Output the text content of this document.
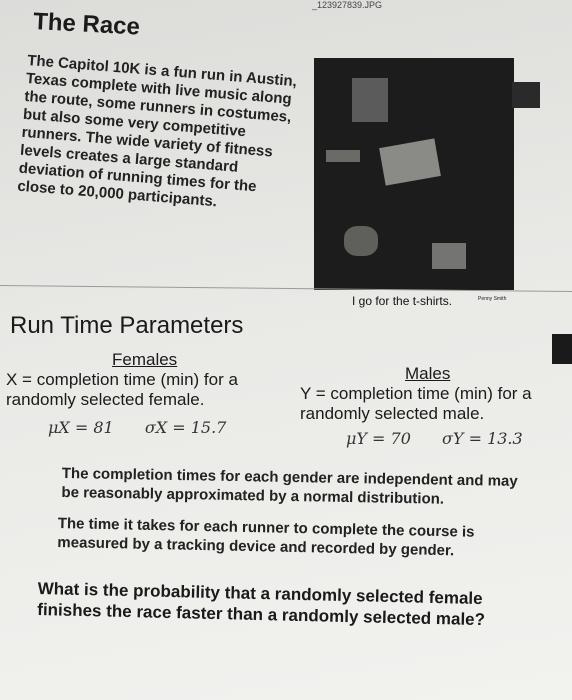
_123927839.JPG
The Race
The Capitol 10K is a fun run in Austin, Texas complete with live music along the route, some runners in costumes, but also some very competitive runners. The wide variety of fitness levels creates a large standard deviation of running times for the close to 20,000 participants.
I go for the t-shirts.	Penny Smith
Run Time Parameters
Females
X = completion time (min) for a randomly selected female.
μX = 81 σX = 15.7
Males
Y = completion time (min) for a randomly selected male.
μY = 70 σY = 13.3
The completion times for each gender are independent and may be reasonably approximated by a normal distribution.
The time it takes for each runner to complete the course is measured by a tracking device and recorded by gender.
What is the probability that a randomly selected female finishes the race faster than a randomly selected male?
